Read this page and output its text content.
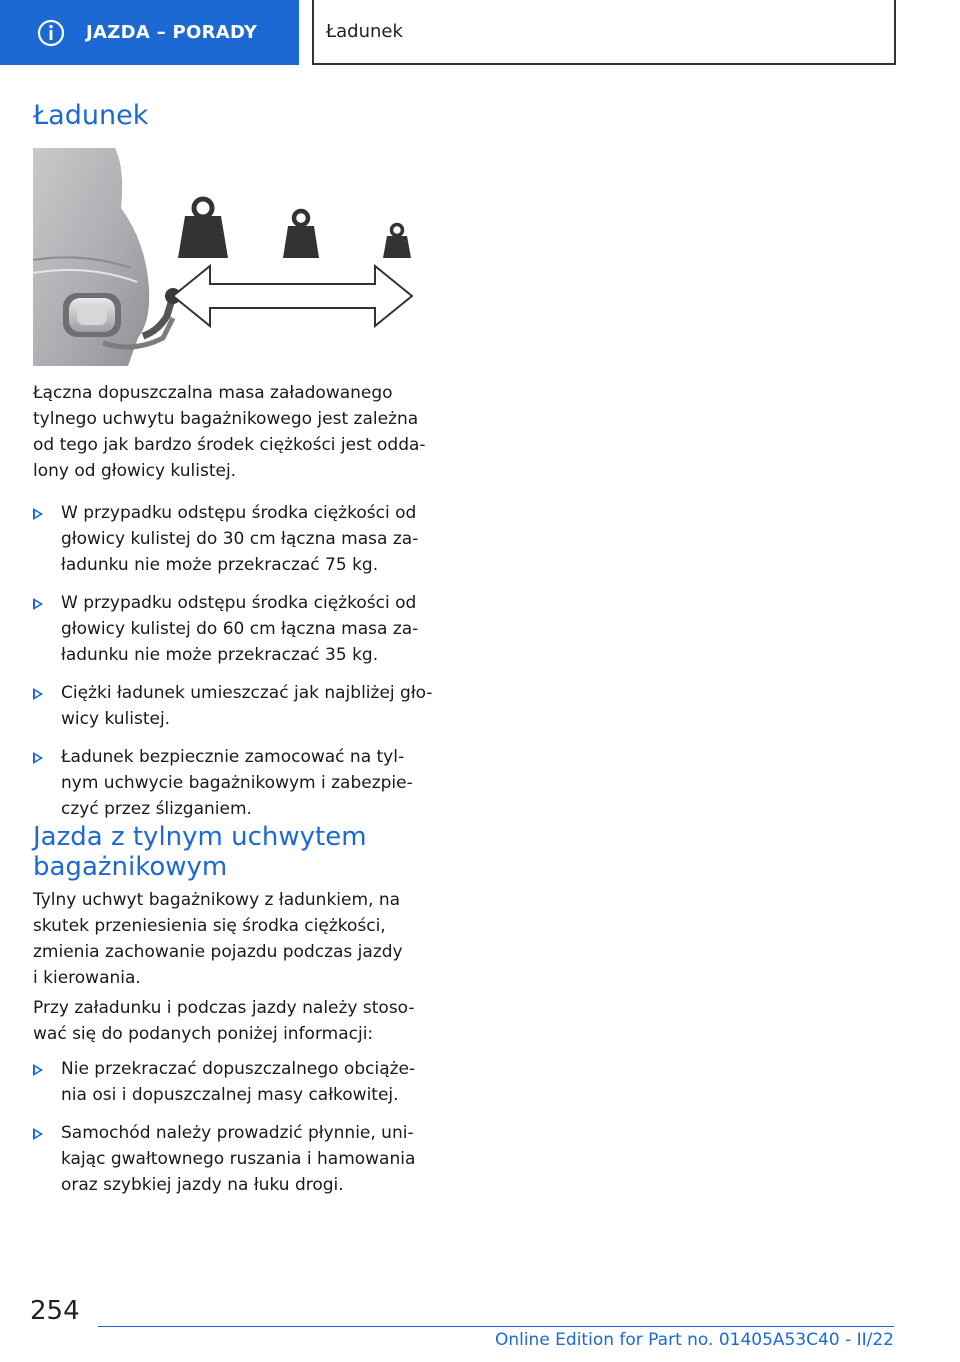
JAZDA – PORADY	Ładunek
Ładunek
Łączna dopuszczalna masa załadowanego
tylnego uchwytu bagażnikowego jest zależna
od tego jak bardzo środek ciężkości jest odda-
lony od głowicy kulistej.
W przypadku odstępu środka ciężkości od
głowicy kulistej do 30 cm łączna masa za-
ładunku nie może przekraczać 75 kg.
W przypadku odstępu środka ciężkości od
głowicy kulistej do 60 cm łączna masa za-
ładunku nie może przekraczać 35 kg.
Ciężki ładunek umieszczać jak najbliżej gło-
wicy kulistej.
Ładunek bezpiecznie zamocować na tyl-
nym uchwycie bagażnikowym i zabezpie-
czyć przez ślizganiem.
Jazda z tylnym uchwytem
bagażnikowym
Tylny uchwyt bagażnikowy z ładunkiem, na
skutek przeniesienia się środka ciężkości,
zmienia zachowanie pojazdu podczas jazdy
i kierowania.
Przy załadunku i podczas jazdy należy stoso-
wać się do podanych poniżej informacji:
Nie przekraczać dopuszczalnego obciąże-
nia osi i dopuszczalnej masy całkowitej.
Samochód należy prowadzić płynnie, uni-
kając gwałtownego ruszania i hamowania
oraz szybkiej jazdy na łuku drogi.
254
Online Edition for Part no. 01405A53C40 - II/22
